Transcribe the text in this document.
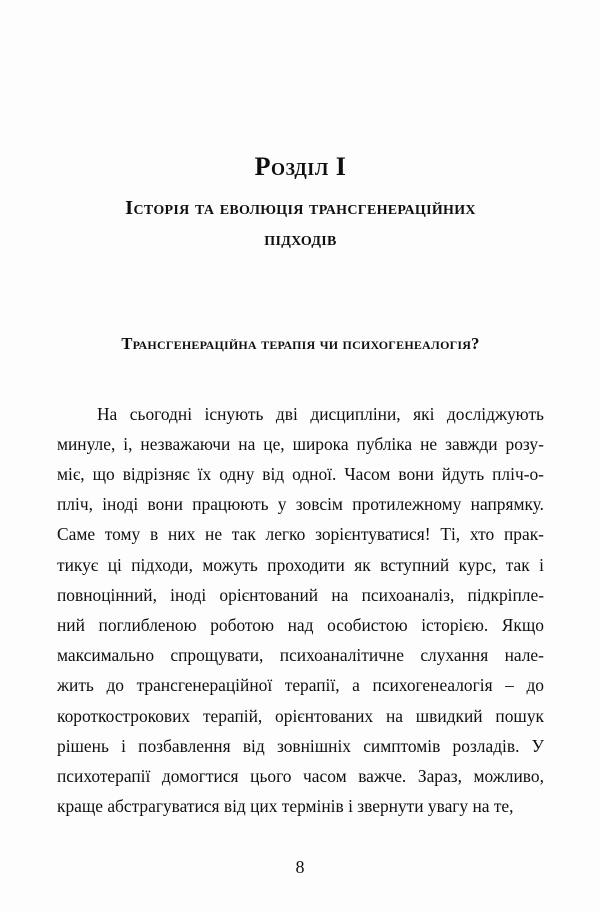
Розділ I
Історія та еволюція трансгенераційних
підходів
Трансгенераційна терапія чи психогенеалогія?
На сьогодні існують дві дисципліни, які досліджують
минуле, і, незважаючи на це, широка публіка не завжди розу-
міє, що відрізняє їх одну від одної. Часом вони йдуть пліч-о-
пліч, іноді вони працюють у зовсім протилежному напрямку.
Саме тому в них не так легко зорієнтуватися! Ті, хто прак-
тикує ці підходи, можуть проходити як вступний курс, так і
повноцінний, іноді орієнтований на психоаналіз, підкріпле-
ний поглибленою роботою над особистою історією. Якщо
максимально спрощувати, психоаналітичне слухання нале-
жить до трансгенераційної терапії, а психогенеалогія – до
короткострокових терапій, орієнтованих на швидкий пошук
рішень і позбавлення від зовнішніх симптомів розладів. У
психотерапії домогтися цього часом важче. Зараз, можливо,
краще абстрагуватися від цих термінів і звернути увагу на те,
8
